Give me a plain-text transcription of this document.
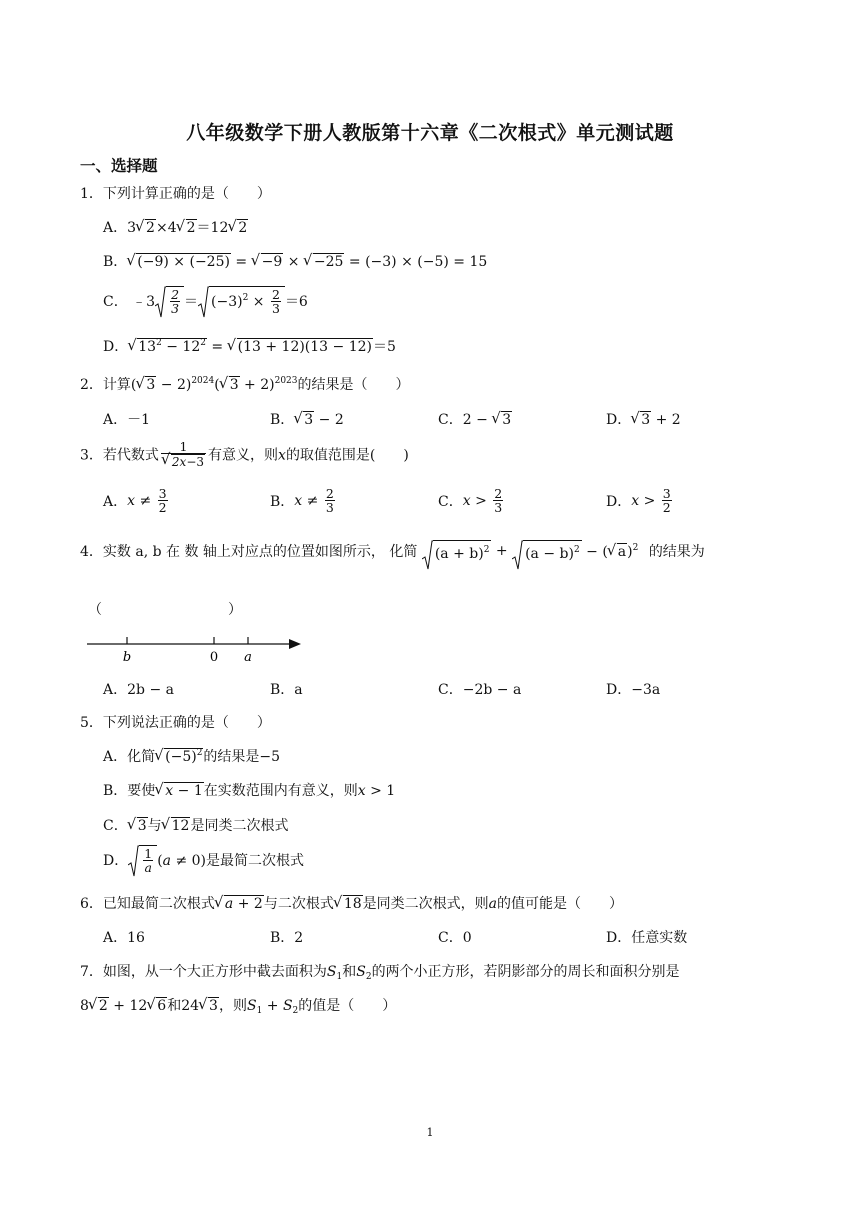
八年级数学下册人教版第十六章《二次根式》单元测试题
一、选择题
1．下列计算正确的是（　　）
A．3 √ 2×4 √ 2＝12 √ 2
B． √ (−9) × (−25) = √ −9 × √ −25 = (−3) × (−5) = 15
C． ﹣3 $\frac{2}{3} = (-3)^2 \times \frac{2}{3} =6$
D． √ $13^2 - 12^2$ = √ (13 + 12)(13 − 12)＝5
2．计算( √ 3 − 2)$^{2024}$( √ 3 + 2)$^{2023}$的结果是（　　）
A．－1	B． √ 3 − 2	C．2 − √ 3	D． √ 3 + 2
3．若代数式 1
√ 2x−3 有意义，则x的取值范围是(　　)
A．$x \ne \frac{3}{2}$	B．$x \ne \frac{2}{3}$	C．$x > \frac{2}{3}$	D．$x > \frac{3}{2}$
4．实数 a, b 在 数 轴上对应点的位置如图所示， 化简 $(a + b)^2 + (a - b)^2$ − ( √ a)$^2$ 的结果为
（　　　　　　　　　）
b	0 a
A．2b − a	B．a	C．−2b − a	D．−3a
5．下列说法正确的是（　　）
A．化简 √ $(-5)^2$的结果是−5
B．要使 √ x − 1在实数范围内有意义，则x > 1
C． √ 3与 √ 12是同类二次根式
D． $\frac{1}{a} (a \ne 0)$是最简二次根式
6．已知最简二次根式 √ a + 2与二次根式 √ 18是同类二次根式，则a的值可能是（　　）
A．16	B．2	C．0	D．任意实数
7．如图，从一个大正方形中截去面积为$S_1$和$S_2$的两个小正方形，若阴影部分的周长和面积分别是
8 √ 2 + 12 √ 6和24 √ 3，则$S_1 + S_2$的值是（　　）
1
